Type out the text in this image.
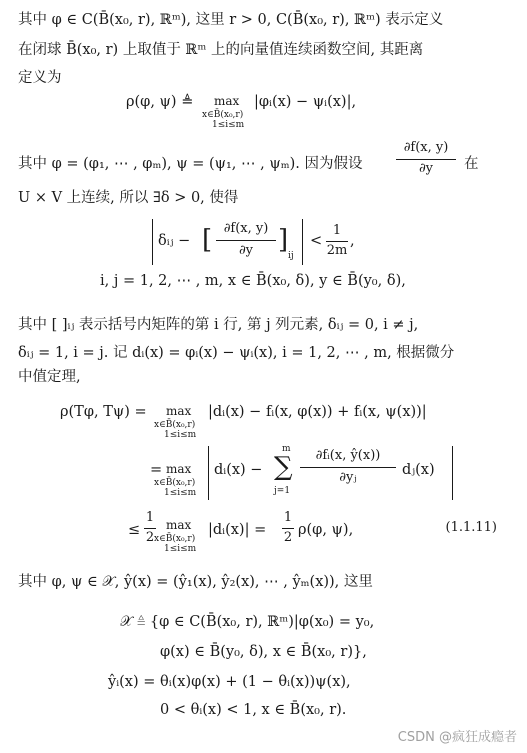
其中 φ ∈ C(B̄(x₀, r), ℝᵐ), 这里 r > 0, C(B̄(x₀, r), ℝᵐ) 表示定义
在闭球 B̄(x₀, r) 上取值于 ℝᵐ 上的向量值连续函数空间, 其距离
定义为
ρ(φ, ψ) ≜ max
x∈B̄(x₀,r)
1≤i≤m
|φᵢ(x) − ψᵢ(x)|,
其中 φ = (φ₁, ⋯ , φₘ), ψ = (ψ₁, ⋯ , ψₘ). 因为假设
∂f(x, y)
∂y	在
U × V 上连续, 所以 ∃δ > 0, 使得
δᵢⱼ − [ ∂f(x, y)
∂y ]
ij
<
1
2m
,
i, j = 1, 2, ⋯ , m, x ∈ B̄(x₀, δ), y ∈ B̄(y₀, δ),
其中 [ ]ᵢⱼ 表示括号内矩阵的第 i 行, 第 j 列元素, δᵢⱼ = 0, i ≠ j,
δᵢⱼ = 1, i = j. 记 dᵢ(x) = φᵢ(x) − ψᵢ(x), i = 1, 2, ⋯ , m, 根据微分
中值定理,
ρ(Tφ, Tψ) = max
x∈B̄(x₀,r)
1≤i≤m
|dᵢ(x) − fᵢ(x, φ(x)) + fᵢ(x, ψ(x))|
= max
x∈B̄(x₀,r)
1≤i≤m
dᵢ(x) −
m
∑
j=1
∂fᵢ(x, ŷ(x))
∂yⱼ	dⱼ(x)
≤
1
2
max
x∈B̄(x₀,r)
1≤i≤m
|dᵢ(x)| =
1
2 ρ(φ, ψ),	(1.1.11)
其中 φ, ψ ∈ 𝒳, ŷ(x) = (ŷ₁(x), ŷ₂(x), ⋯ , ŷₘ(x)), 这里
𝒳 ≜ {φ ∈ C(B̄(x₀, r), ℝᵐ)|φ(x₀) = y₀,
φ(x) ∈ B̄(y₀, δ), x ∈ B̄(x₀, r)},
ŷᵢ(x) = θᵢ(x)φ(x) + (1 − θᵢ(x))ψ(x),
0 < θᵢ(x) < 1, x ∈ B̄(x₀, r).
CSDN @疯狂成瘾者
